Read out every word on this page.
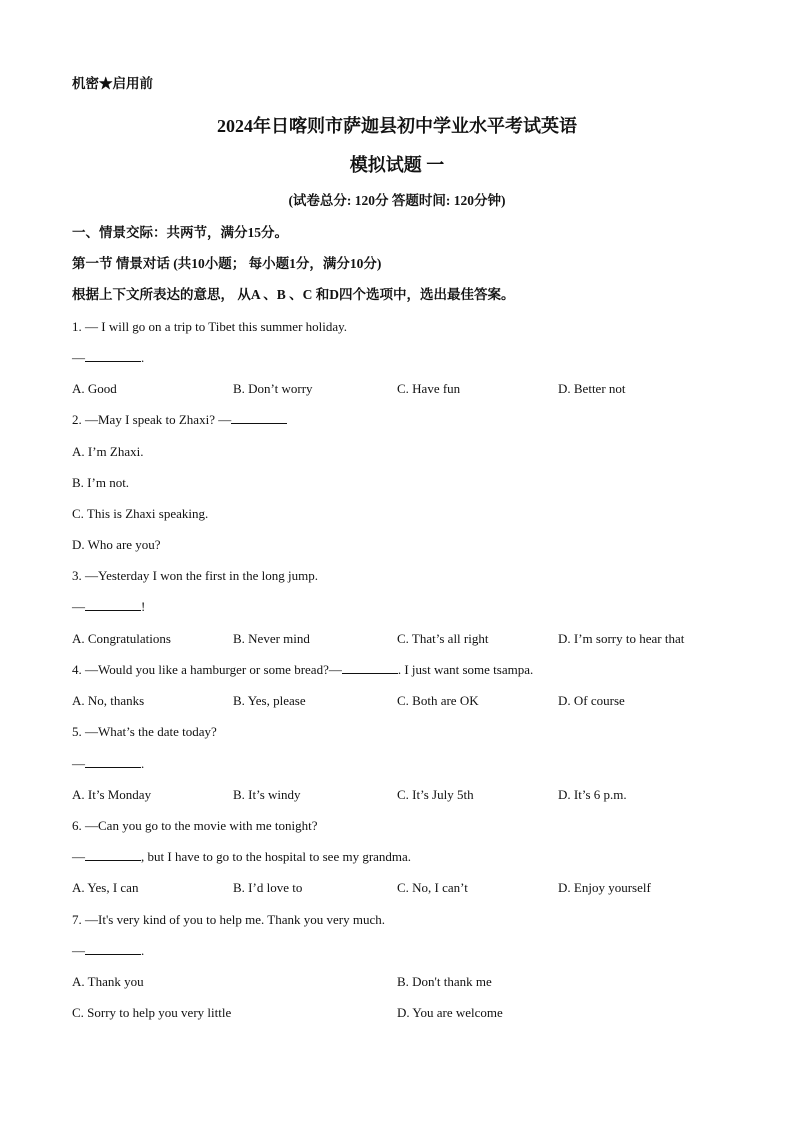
机密★启用前
2024年日喀则市萨迦县初中学业水平考试英语
模拟试题 一
(试卷总分: 120分 答题时间: 120分钟)
一、情景交际：共两节，满分15分。
第一节 情景对话 (共10小题； 每小题1分，满分10分)
根据上下文所表达的意思， 从A 、B 、C 和D四个选项中，选出最佳答案。
1. — I will go on a trip to Tibet this summer holiday.
—	.
A. Good	B. Don’t worry	C. Have fun	D. Better not
2. —May I speak to Zhaxi? —
A. I’m Zhaxi.
B. I’m not.
C. This is Zhaxi speaking.
D. Who are you?
3. —Yesterday I won the first in the long jump.
—	!
A. Congratulations	B. Never mind	C. That’s all right	D. I’m sorry to hear that
4. —Would you like a hamburger or some bread?—	. I just want some tsampa.
A. No, thanks	B. Yes, please	C. Both are OK	D. Of course
5. —What’s the date today?
—	.
A. It’s Monday	B. It’s windy	C. It’s July 5th	D. It’s 6 p.m.
6. —Can you go to the movie with me tonight?
—	, but I have to go to the hospital to see my grandma.
A. Yes, I can	B. I’d love to	C. No, I can’t	D. Enjoy yourself
7. —It's very kind of you to help me. Thank you very much.
—	.
A. Thank you	B. Don't thank me
C. Sorry to help you very little	D. You are welcome
